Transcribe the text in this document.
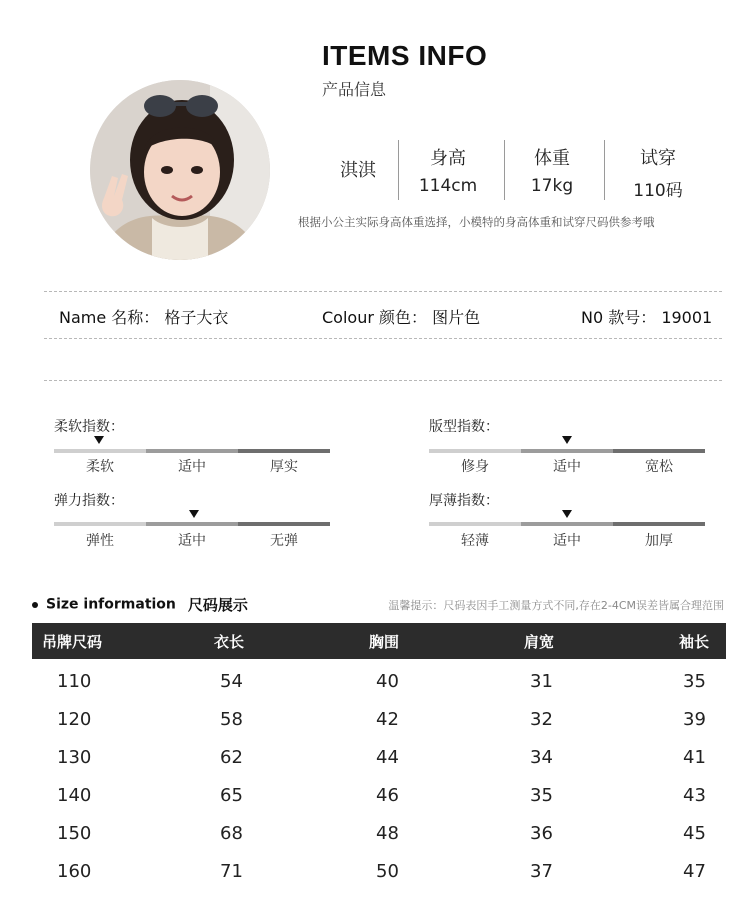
ITEMS INFO
产品信息
淇淇
身高
114cm
体重
17kg
试穿
110码
根据小公主实际身高体重选择，小模特的身高体重和试穿尺码供参考哦
Name 名称： 格子大衣	Colour 颜色： 图片色	N0 款号： 19001
柔软指数：
柔软	适中	厚实
版型指数：
修身	适中	宽松
弹力指数：
弹性	适中	无弹
厚薄指数：
轻薄	适中	加厚
Size information 尺码展示	温馨提示：尺码表因手工测量方式不同,存在2-4CM误差皆属合理范围
吊牌尺码	衣长	胸围	肩宽	袖长
110	54	40	31	35
120	58	42	32	39
130	62	44	34	41
140	65	46	35	43
150	68	48	36	45
160	71	50	37	47
